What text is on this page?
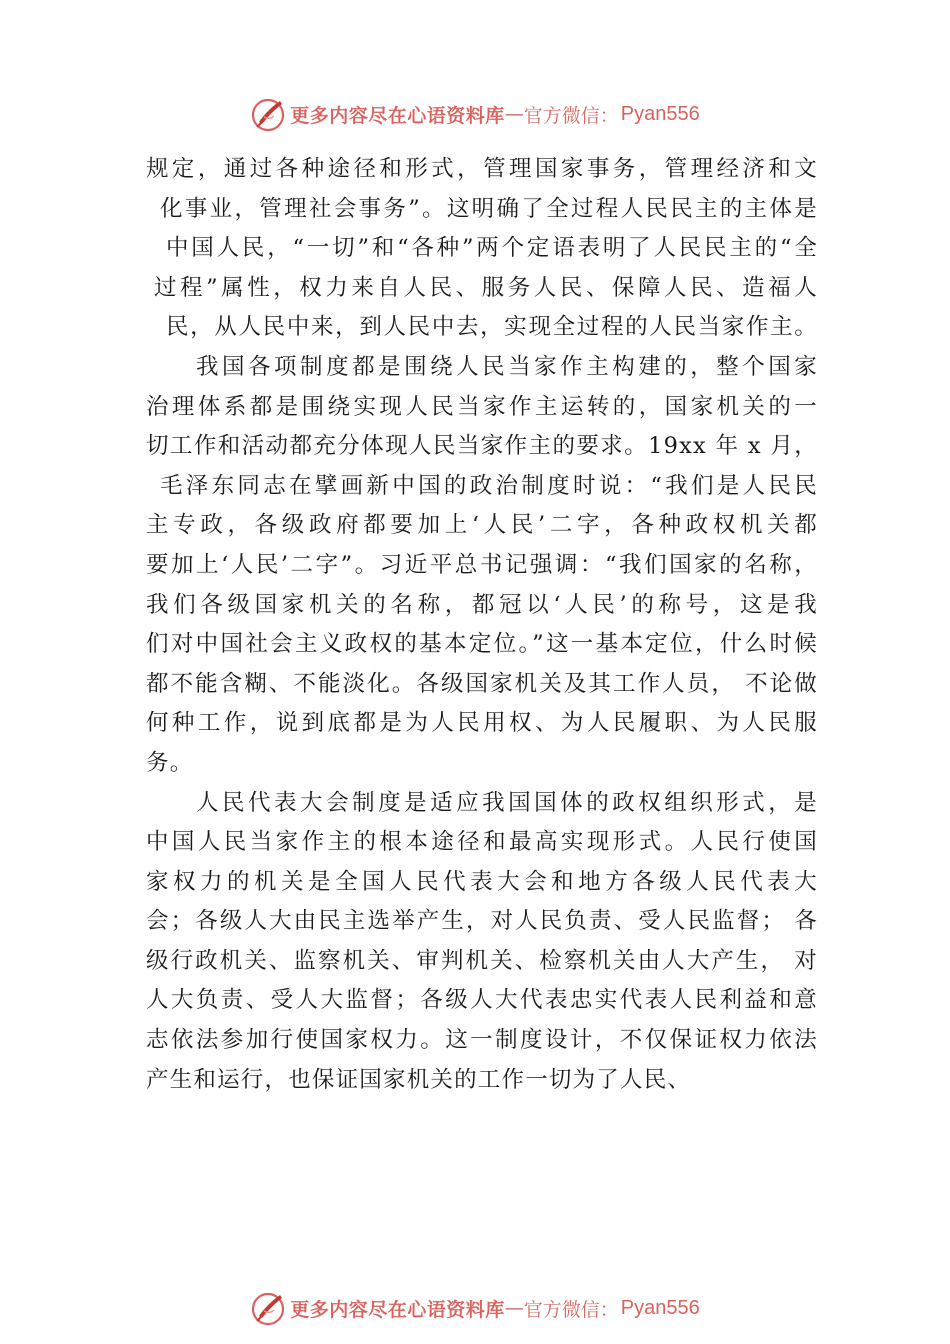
更多内容尽在心语资料库 — 官方微信： Pyan556
规定，通过各种途径和形式，管理国家事务，管理经济和文
化事业，管理社会事务”。这明确了全过程人民民主的主体是
中国人民，“一切”和“各种”两个定语表明了人民民主的“全
过程”属性，权力来自人民、服务人民、保障人民、造福人
民，从人民中来，到人民中去，实现全过程的人民当家作主。
我国各项制度都是围绕人民当家作主构建的，整个国家
治理体系都是围绕实现人民当家作主运转的，国家机关的一
切工作和活动都充分体现人民当家作主的要求。19xx 年 x 月，
毛泽东同志在擘画新中国的政治制度时说：“我们是人民民
主专政，各级政府都要加上‘人民’二字，各种政权机关都
要加上‘人民’二字”。习近平总书记强调：“我们国家的名称，
我们各级国家机关的名称，都冠以‘人民’的称号，这是我
们对中国社会主义政权的基本定位。”这一基本定位，什么时候
都不能含糊、不能淡化。各级国家机关及其工作人员， 不论做
何种工作，说到底都是为人民用权、为人民履职、为人民服
务。
人民代表大会制度是适应我国国体的政权组织形式，是
中国人民当家作主的根本途径和最高实现形式。人民行使国
家权力的机关是全国人民代表大会和地方各级人民代表大
会；各级人大由民主选举产生，对人民负责、受人民监督； 各
级行政机关、监察机关、审判机关、检察机关由人大产生， 对
人大负责、受人大监督；各级人大代表忠实代表人民利益和意
志依法参加行使国家权力。这一制度设计，不仅保证权力依法
产生和运行，也保证国家机关的工作一切为了人民、
更多内容尽在心语资料库 — 官方微信： Pyan556
